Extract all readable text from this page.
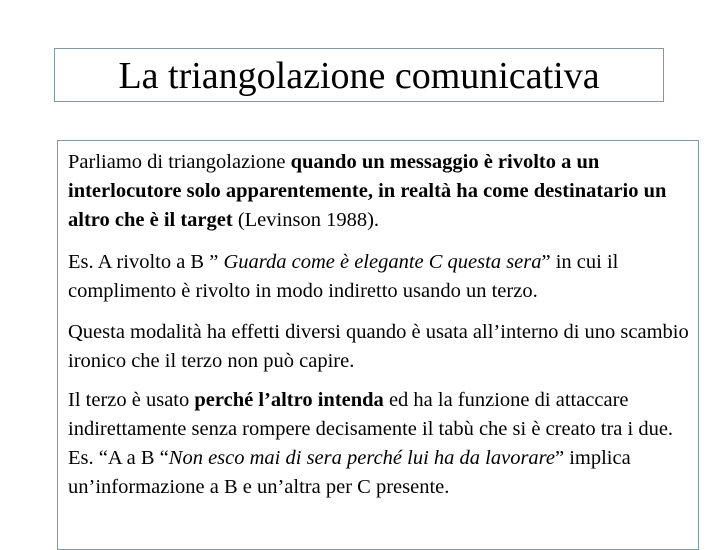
La triangolazione comunicativa

Parliamo di triangolazione quando un messaggio è rivolto a un interlocutore solo apparentemente, in realtà ha come destinatario un altro che è il target (Levinson 1988).

Es. A rivolto a B ” Guarda come è elegante C questa sera” in cui il complimento è rivolto in modo indiretto usando un terzo.

Questa modalità ha effetti diversi quando è usata all’interno di uno scambio ironico che il terzo non può capire.

Il terzo è usato perché l’altro intenda ed ha la funzione di attaccare indirettamente senza rompere decisamente il tabù che si è creato tra i due. Es. “A a B “Non esco mai di sera perché lui ha da lavorare” implica un’informazione a B e un’altra per C presente.
